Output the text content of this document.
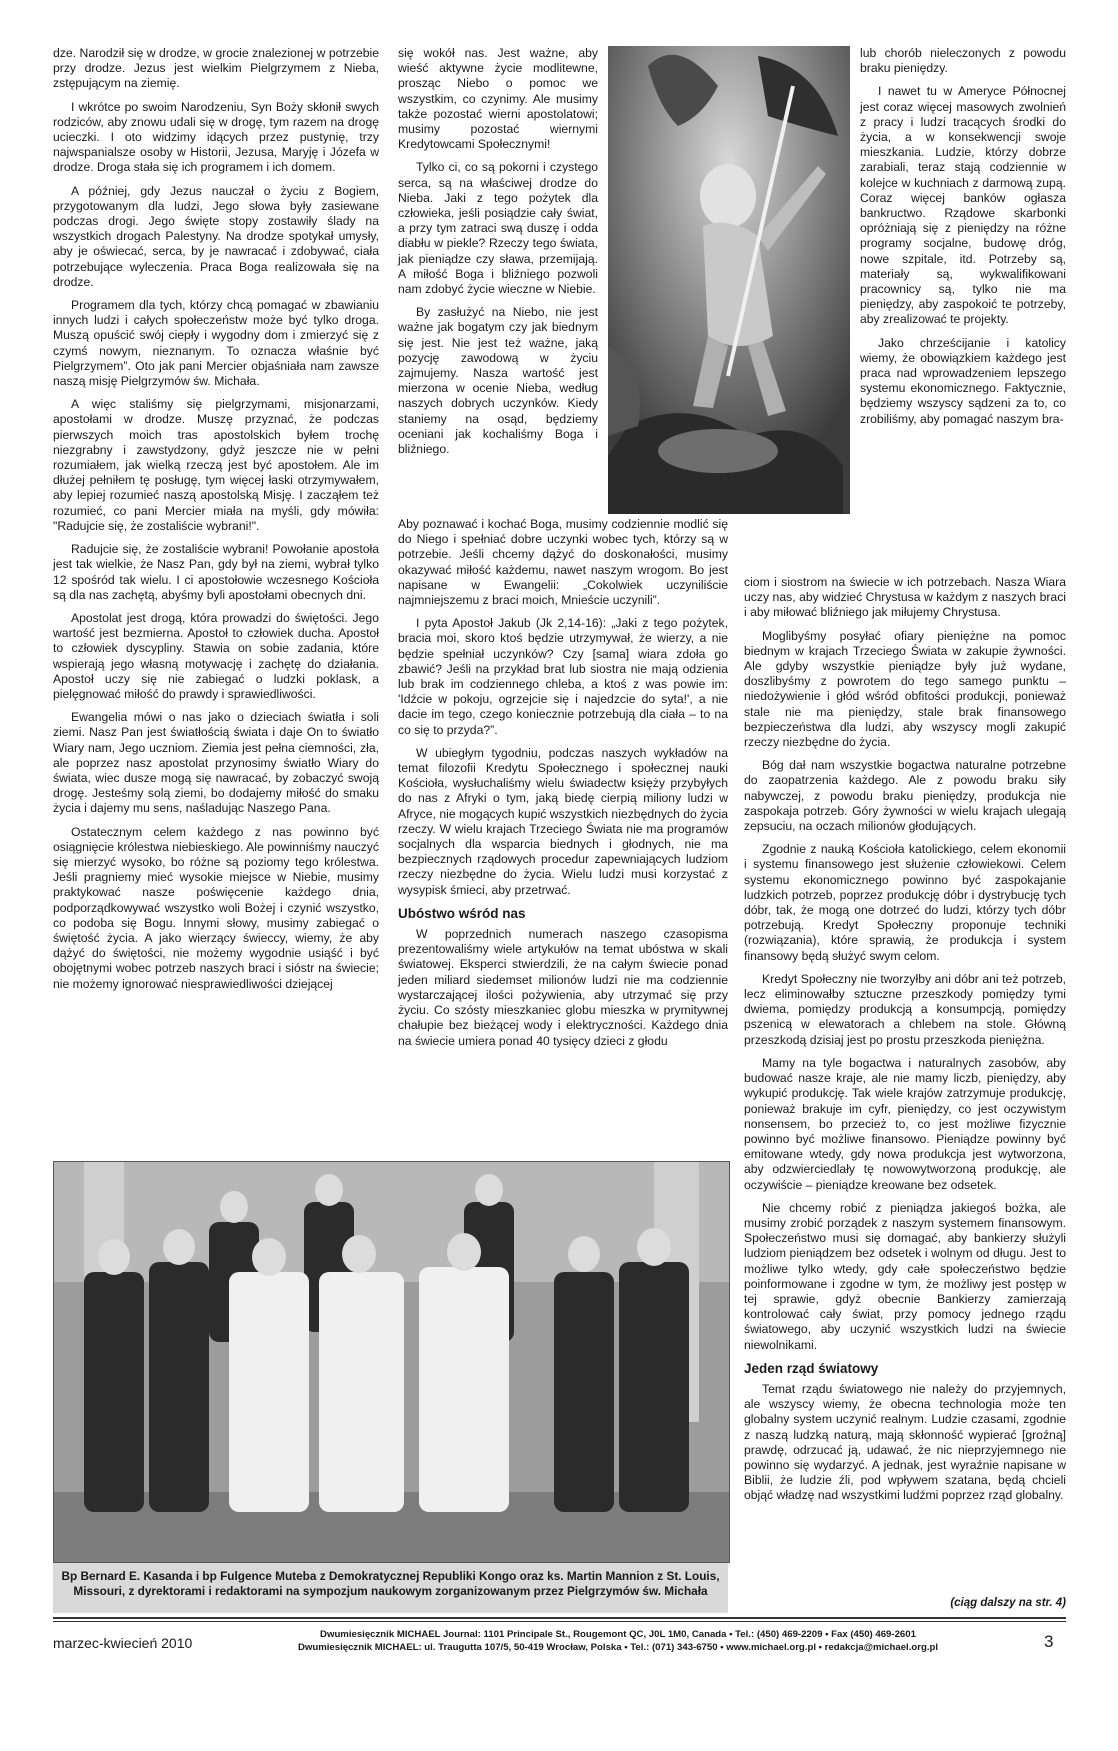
dze. Narodził się w drodze, w grocie znalezionej w potrzebie przy drodze. Jezus jest wielkim Pielgrzymem z Nieba, zstępującym na ziemię.

I wkrótce po swoim Narodzeniu, Syn Boży skłonił swych rodziców, aby znowu udali się w drogę, tym razem na drogę ucieczki. I oto widzimy idących przez pustynię, trzy najwspanialsze osoby w Historii, Jezusa, Maryję i Józefa w drodze. Droga stała się ich programem i ich domem.

A później, gdy Jezus nauczał o życiu z Bogiem, przygotowanym dla ludzi, Jego słowa były zasiewane podczas drogi. Jego święte stopy zostawiły ślady na wszystkich drogach Palestyny. Na drodze spotykał umysły, aby je oświecać, serca, by je nawracać i zdobywać, ciała potrzebujące wyleczenia. Praca Boga realizowała się na drodze.

Programem dla tych, którzy chcą pomagać w zbawianiu innych ludzi i całych społeczeństw może być tylko droga. Muszą opuścić swój ciepły i wygodny dom i zmierzyć się z czymś nowym, nieznanym. To oznacza właśnie być Pielgrzymem”. Oto jak pani Mercier objaśniała nam zawsze naszą misję Pielgrzymów św. Michała.

A więc staliśmy się pielgrzymami, misjonarzami, apostołami w drodze. Muszę przyznać, że podczas pierwszych moich tras apostolskich byłem trochę niezgrabny i zawstydzony, gdyż jeszcze nie w pełni rozumiałem, jak wielką rzeczą jest być apostołem. Ale im dłużej pełniłem tę posługę, tym więcej łaski otrzymywałem, aby lepiej rozumieć naszą apostolską Misję. I zacząłem też rozumieć, co pani Mercier miała na myśli, gdy mówiła: "Radujcie się, że zostaliście wybrani!".

Radujcie się, że zostaliście wybrani! Powołanie apostoła jest tak wielkie, że Nasz Pan, gdy był na ziemi, wybrał tylko 12 spośród tak wielu. I ci apostołowie wczesnego Kościoła są dla nas zachętą, abyśmy byli apostołami obecnych dni.

Apostolat jest drogą, która prowadzi do świętości. Jego wartość jest bezmierna. Apostoł to człowiek ducha. Apostoł to człowiek dyscypliny. Stawia on sobie zadania, które wspierają jego własną motywację i zachętę do działania. Apostoł uczy się nie zabiegać o ludzki poklask, a pielęgnować miłość do prawdy i sprawiedliwości.

Ewangelia mówi o nas jako o dzieciach światła i soli ziemi. Nasz Pan jest światłością świata i daje On to światło Wiary nam, Jego uczniom. Ziemia jest pełna ciemności, zła, ale poprzez nasz apostolat przynosimy światło Wiary do świata, wiec dusze mogą się nawracać, by zobaczyć swoją drogę. Jesteśmy solą ziemi, bo dodajemy miłość do smaku życia i dajemy mu sens, naśladując Naszego Pana.

Ostatecznym celem każdego z nas powinno być osiągnięcie królestwa niebieskiego. Ale powinniśmy nauczyć się mierzyć wysoko, bo różne są poziomy tego królestwa. Jeśli pragniemy mieć wysokie miejsce w Niebie, musimy praktykować nasze poświęcenie każdego dnia, podporządkowywać wszystko woli Bożej i czynić wszystko, co podoba się Bogu. Innymi słowy, musimy zabiegać o świętość życia. A jako wierzący świeccy, wiemy, że aby dążyć do świętości, nie możemy wygodnie usiąść i być obojętnymi wobec potrzeb naszych braci i sióstr na świecie; nie możemy ignorować niesprawiedliwości dziejącej

się wokół nas. Jest ważne, aby wieść aktywne życie modlitewne, prosząc Niebo o pomoc we wszystkim, co czynimy. Ale musimy także pozostać wierni apostolatowi; musimy pozostać wiernymi Kredytowcami Społecznymi!

Tylko ci, co są pokorni i czystego serca, są na właściwej drodze do Nieba. Jaki z tego pożytek dla człowieka, jeśli posiądzie cały świat, a przy tym zatraci swą duszę i odda diabłu w piekle? Rzeczy tego świata, jak pieniądze czy sława, przemijają. A miłość Boga i bliźniego pozwoli nam zdobyć życie wieczne w Niebie.

By zasłużyć na Niebo, nie jest ważne jak bogatym czy jak biednym się jest. Nie jest też ważne, jaką pozycję zawodową w życiu zajmujemy. Nasza wartość jest mierzona w ocenie Nieba, według naszych dobrych uczynków. Kiedy staniemy na osąd, będziemy oceniani jak kochaliśmy Boga i bliźniego.

Aby poznawać i kochać Boga, musimy codziennie modlić się do Niego i spełniać dobre uczynki wobec tych, którzy są w potrzebie. Jeśli chcemy dążyć do doskonałości, musimy okazywać miłość każdemu, nawet naszym wrogom. Bo jest napisane w Ewangelii: „Cokolwiek uczyniliście najmniejszemu z braci moich, Mnieście uczynili”.

I pyta Apostoł Jakub (Jk 2,14-16): „Jaki z tego pożytek, bracia moi, skoro ktoś będzie utrzymywał, że wierzy, a nie będzie spełniał uczynków? Czy [sama] wiara zdoła go zbawić? Jeśli na przykład brat lub siostra nie mają odzienia lub brak im codziennego chleba, a ktoś z was powie im: 'Idźcie w pokoju, ogrzejcie się i najedzcie do syta!', a nie dacie im tego, czego koniecznie potrzebują dla ciała – to na co się to przyda?”.

W ubiegłym tygodniu, podczas naszych wykładów na temat filozofii Kredytu Społecznego i społecznej nauki Kościoła, wysłuchaliśmy wielu świadectw księży przybyłych do nas z Afryki o tym, jaką biedę cierpią miliony ludzi w Afryce, nie mogących kupić wszystkich niezbędnych do życia rzeczy. W wielu krajach Trzeciego Świata nie ma programów socjalnych dla wsparcia biednych i głodnych, nie ma bezpiecznych rządowych procedur zapewniających ludziom rzeczy niezbędne do życia. Wielu ludzi musi korzystać z wysypisk śmieci, aby przetrwać.

Ubóstwo wśród nas

W poprzednich numerach naszego czasopisma prezentowaliśmy wiele artykułów na temat ubóstwa w skali światowej. Eksperci stwierdzili, że na całym świecie ponad jeden miliard siedemset milionów ludzi nie ma codziennie wystarczającej ilości pożywienia, aby utrzymać się przy życiu. Co szósty mieszkaniec globu mieszka w prymitywnej chałupie bez bieżącej wody i elektryczności. Każdego dnia na świecie umiera ponad 40 tysięcy dzieci z głodu

lub chorób nieleczonych z powodu braku pieniędzy.

I nawet tu w Ameryce Północnej jest coraz więcej masowych zwolnień z pracy i ludzi tracących środki do życia, a w konsekwencji swoje mieszkania. Ludzie, którzy dobrze zarabiali, teraz stają codziennie w kolejce w kuchniach z darmową zupą. Coraz więcej banków ogłasza bankructwo. Rządowe skarbonki opróżniają się z pieniędzy na różne programy socjalne, budowę dróg, nowe szpitale, itd. Potrzeby są, materiały są, wykwalifikowani pracownicy są, tylko nie ma pieniędzy, aby zaspokoić te potrzeby, aby zrealizować te projekty.

Jako chrześcijanie i katolicy wiemy, że obowiązkiem każdego jest praca nad wprowadzeniem lepszego systemu ekonomicznego. Faktycznie, będziemy wszyscy sądzeni za to, co zrobiliśmy, aby pomagać naszym bra-

ciom i siostrom na świecie w ich potrzebach. Nasza Wiara uczy nas, aby widzieć Chrystusa w każdym z naszych braci i aby miłować bliźniego jak miłujemy Chrystusa.

Moglibyśmy posyłać ofiary pieniężne na pomoc biednym w krajach Trzeciego Świata w zakupie żywności. Ale gdyby wszystkie pieniądze były już wydane, doszlibyśmy z powrotem do tego samego punktu – niedożywienie i głód wśród obfitości produkcji, ponieważ stale nie ma pieniędzy, stale brak finansowego bezpieczeństwa dla ludzi, aby wszyscy mogli zakupić rzeczy niezbędne do życia.

Bóg dał nam wszystkie bogactwa naturalne potrzebne do zaopatrzenia każdego. Ale z powodu braku siły nabywczej, z powodu braku pieniędzy, produkcja nie zaspokaja potrzeb. Góry żywności w wielu krajach ulegają zepsuciu, na oczach milionów głodujących.

Zgodnie z nauką Kościoła katolickiego, celem ekonomii i systemu finansowego jest służenie człowiekowi. Celem systemu ekonomicznego powinno być zaspokajanie ludzkich potrzeb, poprzez produkcję dóbr i dystrybucję tych dóbr, tak, że mogą one dotrzeć do ludzi, którzy tych dóbr potrzebują. Kredyt Społeczny proponuje techniki (rozwiązania), które sprawią, że produkcja i system finansowy będą służyć swym celom.

Kredyt Społeczny nie tworzyłby ani dóbr ani też potrzeb, lecz eliminowałby sztuczne przeszkody pomiędzy tymi dwiema, pomiędzy produkcją a konsumpcją, pomiędzy pszenicą w elewatorach a chlebem na stole. Główną przeszkodą dzisiaj jest po prostu przeszkoda pieniężna.

Mamy na tyle bogactwa i naturalnych zasobów, aby budować nasze kraje, ale nie mamy liczb, pieniędzy, aby wykupić produkcję. Tak wiele krajów zatrzymuje produkcję, ponieważ brakuje im cyfr, pieniędzy, co jest oczywistym nonsensem, bo przecież to, co jest możliwe fizycznie powinno być możliwe finansowo. Pieniądze powinny być emitowane wtedy, gdy nowa produkcja jest wytworzona, aby odzwierciedlały tę nowowytworzoną produkcję, ale oczywiście – pieniądze kreowane bez odsetek.

Nie chcemy robić z pieniądza jakiegoś bożka, ale musimy zrobić porządek z naszym systemem finansowym. Społeczeństwo musi się domagać, aby bankierzy służyli ludziom pieniądzem bez odsetek i wolnym od długu. Jest to możliwe tylko wtedy, gdy całe społeczeństwo będzie poinformowane i zgodne w tym, że możliwy jest postęp w tej sprawie, gdyż obecnie Bankierzy zamierzają kontrolować cały świat, przy pomocy jednego rządu światowego, aby uczynić wszystkich ludzi na świecie niewolnikami.

Jeden rząd światowy

Temat rządu światowego nie należy do przyjemnych, ale wszyscy wiemy, że obecna technologia może ten globalny system uczynić realnym. Ludzie czasami, zgodnie z naszą ludzką naturą, mają skłonność wypierać [groźną] prawdę, odrzucać ją, udawać, że nic nieprzyjemnego nie powinno się wydarzyć. A jednak, jest wyraźnie napisane w Biblii, że ludzie źli, pod wpływem szatana, będą chcieli objąć władzę nad wszystkimi ludźmi poprzez rząd globalny.

Bp Bernard E. Kasanda i bp Fulgence Muteba z Demokratycznej Republiki Kongo oraz ks. Martin Mannion z St. Louis, Missouri, z dyrektorami i redaktorami na sympozjum naukowym zorganizowanym przez Pielgrzymów św. Michała
(ciąg dalszy na str. 4)
marzec-kwiecień 2010
Dwumiesięcznik MICHAEL Journal: 1101 Principale St., Rougemont QC, J0L 1M0, Canada • Tel.: (450) 469-2209 • Fax (450) 469-2601
Dwumiesięcznik MICHAEL: ul. Traugutta 107/5, 50-419 Wrocław, Polska • Tel.: (071) 343-6750 • www.michael.org.pl • redakcja@michael.org.pl	3
